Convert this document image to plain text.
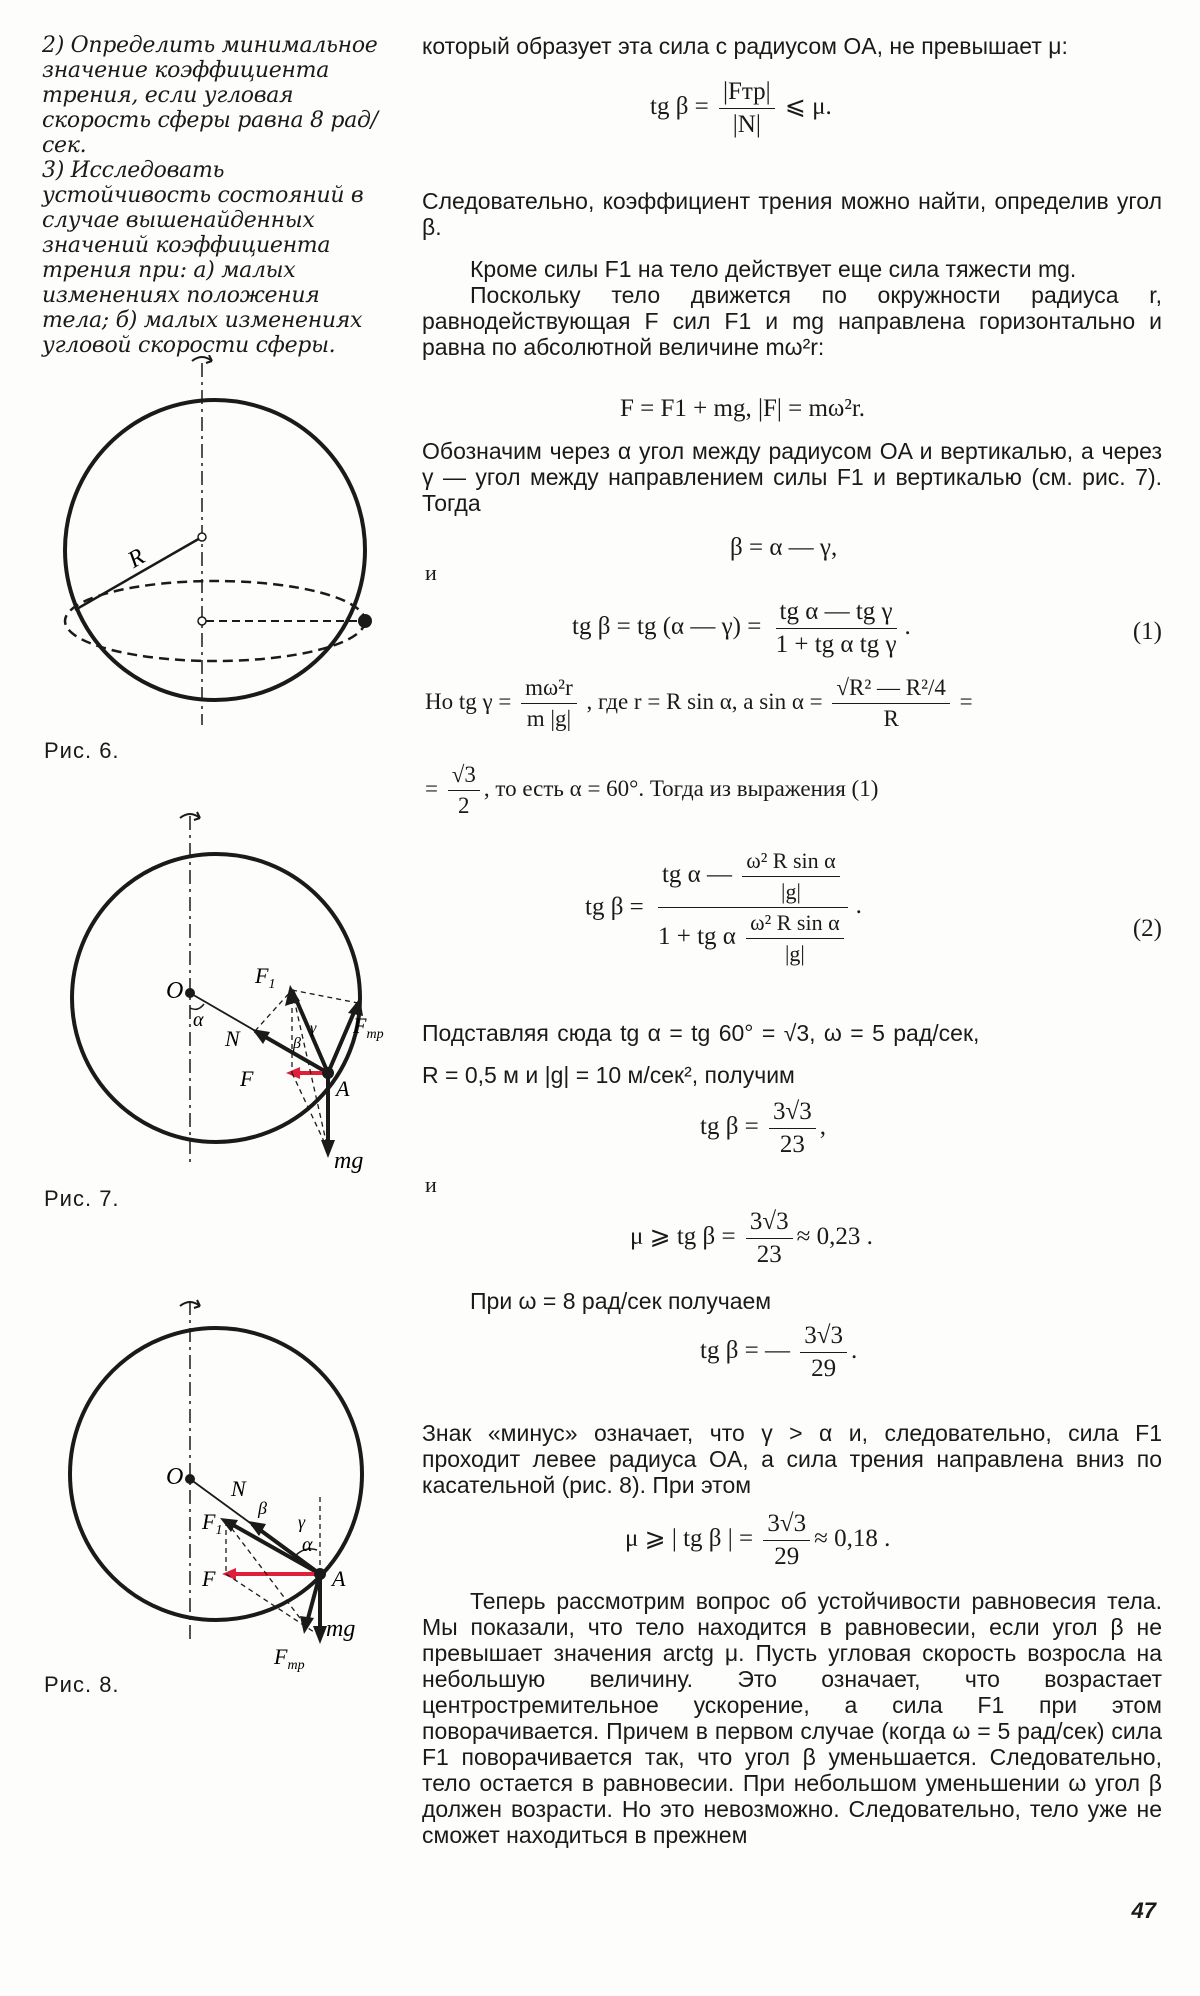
2) Определить минимальное значение коэффициента трения, если угловая скорость сферы равна 8 рад/сек.

3) Исследовать устойчивость состояний в случае вышенайденных значений коэффициента трения при: а) малых изменениях положения тела; б) малых изменениях угловой скорости сферы.

R
Рис. 6.
O
α
A
N
F
$F_1$
β
γ $F_{тр}$
mg
Рис. 7.
O N
β
γ
α
$F_1$
F	A
mg
$F_{тр}$
Рис. 8.
который образует эта сила с радиусом OA, не превышает μ:
tg $\beta = \frac{\text{|Fтр|}}{|N|}$ ⩽ μ.
Следовательно, коэффициент трения можно найти, определив угол β.
Кроме силы F1 на тело действует еще сила тяжести mg.
Поскольку тело движется по окружности радиуса r, равнодействующая F сил F1 и mg направлена горизонтально и равна по абсолютной величине mω²r:
F = F1 + mg, |F| = mω²r.
Обозначим через α угол между радиусом OA и вертикалью, а через γ — угол между направлением силы F1 и вертикалью (см. рис. 7). Тогда
β = α — γ,
и
tg β = tg (α — $\gamma) = \frac{\text{tg α — tg γ}}{\text{1 + tg α tg γ}}$ .	(1)
Но tg $\gamma = \frac{\text{mω²r}}{m |g|}$ , где r = R sin α, а $\sin \alpha = \frac{\text{√R² — R²/4}}{R}$ =
= $\frac{√3}{2}$ , то есть α = 60°. Тогда из выражения (1)
tg $\beta = \frac{tg \alpha — \frac{\text{ω² R sin α}}{|g|}}{1 + tg \alpha \frac{\text{ω² R sin α}}{|g|}}$ .
(2)
Подставляя сюда tg α = tg 60° = √3, ω = 5 рад/сек,
R = 0,5 м и |g| = 10 м/сек², получим
tg $\beta = \frac{3√3}{23}$ ,
и
μ ⩾ tg $\beta = \frac{3√3}{23} \approx 0,23$ .
При ω = 8 рад/сек получаем
tg β = — $\frac{3√3}{29}$ .
Знак «минус» означает, что γ > α и, следовательно, сила F1 проходит левее радиуса OA, а сила трения направлена вниз по касательной (рис. 8). При этом
μ ⩾ | tg β | = $\frac{3√3}{29} \approx 0,18$ .
Теперь рассмотрим вопрос об устойчивости равновесия тела. Мы показали, что тело находится в равновесии, если угол β не превышает значения arctg μ. Пусть угловая скорость возросла на небольшую величину. Это означает, что возрастает центростремительное ускорение, а сила F1 при этом поворачивается. Причем в первом случае (когда ω = 5 рад/сек) сила F1 поворачивается так, что угол β уменьшается. Следовательно, тело остается в равновесии. При небольшом уменьшении ω угол β должен возрасти. Но это невозможно. Следовательно, тело уже не сможет находиться в прежнем
47
